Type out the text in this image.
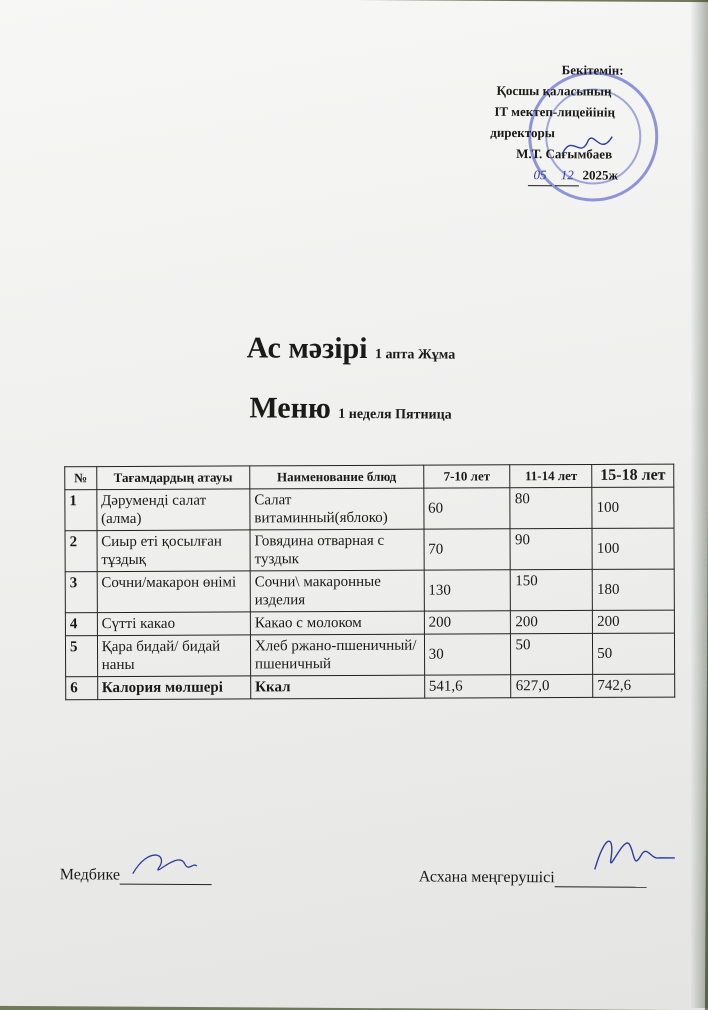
Бекітемін:
Қосшы қаласының
IT мектеп-лицейінің
директоры
М.Т. Сағымбаев
05 12 2025ж
Ас мәзірі 1 апта Жұма
Меню 1 неделя Пятница
№	Тағамдардың атауы	Наименование блюд	7-10 лет	11-14 лет	15-18 лет
1	Дәруменді салат (алма)	Салат витаминный(яблоко)	60	80	100
2	Сиыр еті қосылған тұздық	Говядина отварная с туздык	70	90	100
3	Сочни/макарон өнімі	Сочни\ макаронные изделия	130	150	180
4	Сүтті какао	Какао с молоком	200	200	200
5	Қара бидай/ бидай наны	Хлеб ржано-пшеничный/ пшеничный	30	50	50
6	Калория мөлшері	Ккал	541,6	627,0	742,6
Медбике	Асхана меңгерушісі
